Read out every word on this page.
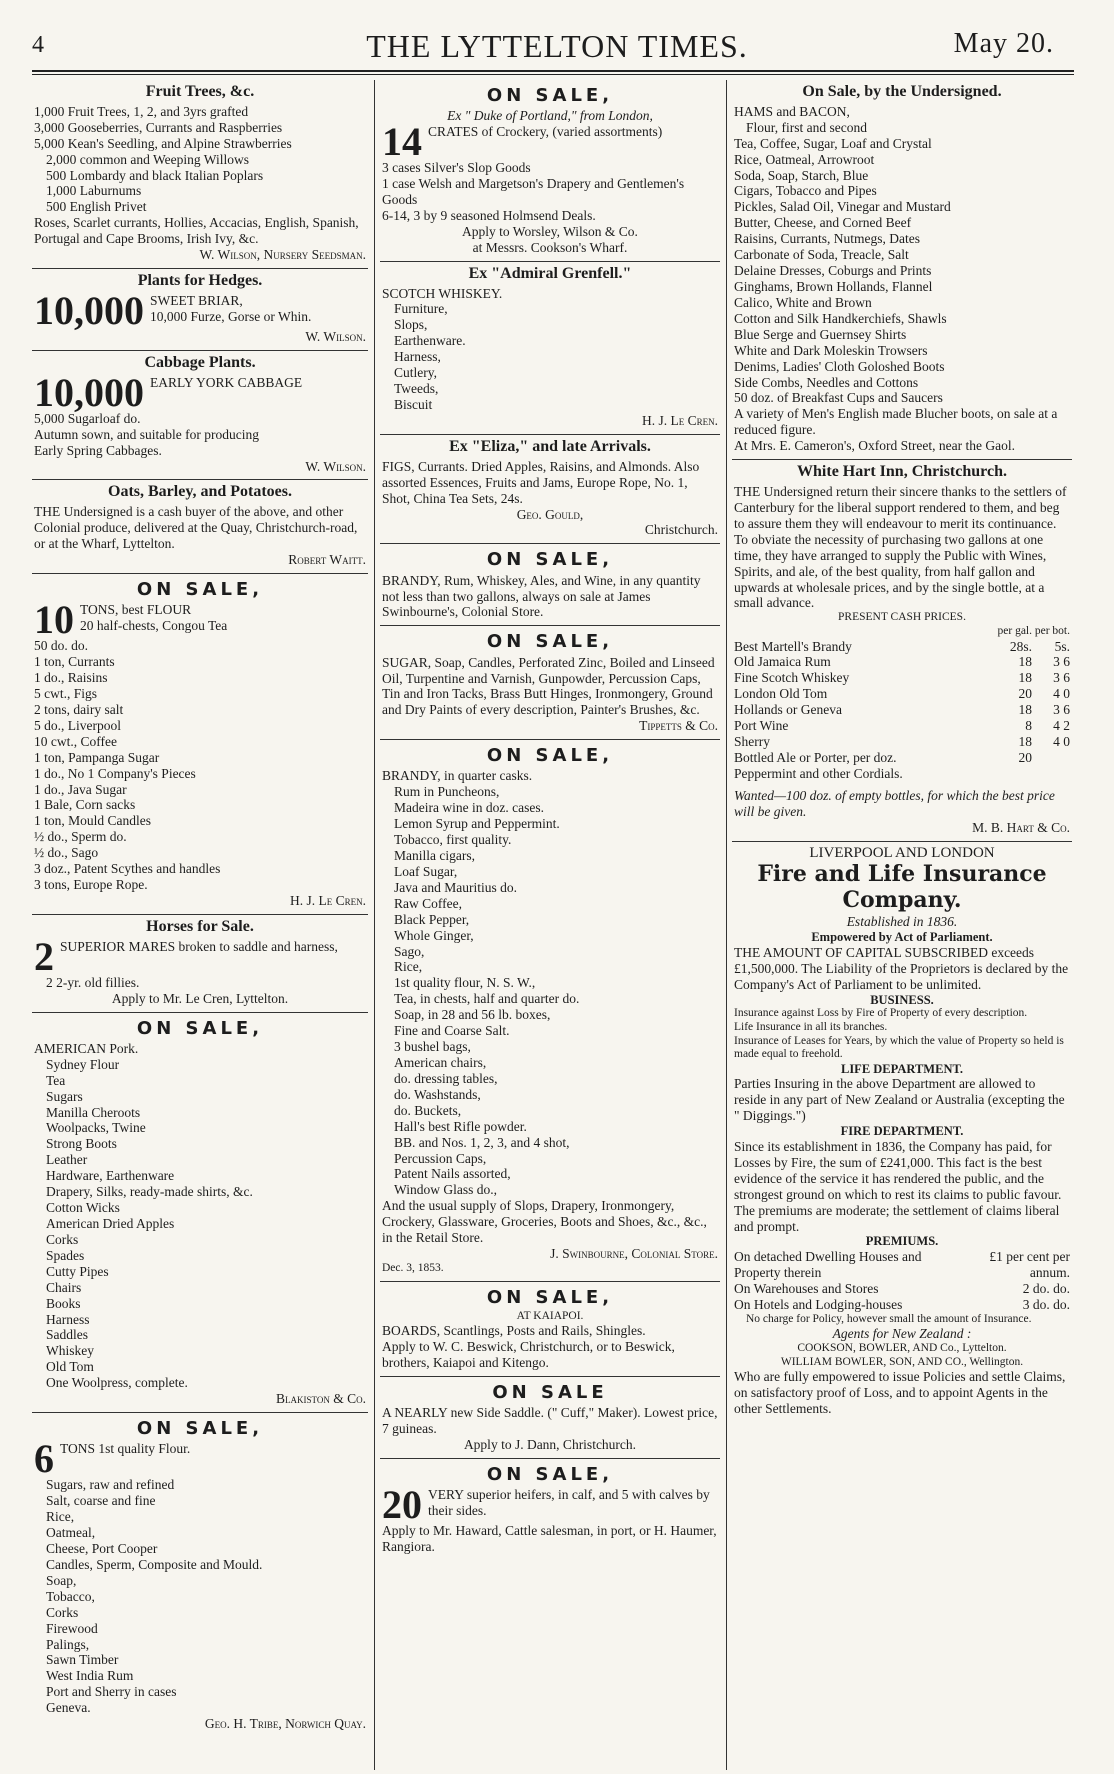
4	THE LYTTELTON TIMES.	May 20.
Fruit Trees, &c.
1,000 Fruit Trees, 1, 2, and 3yrs grafted
3,000 Gooseberries, Currants and Raspberries
5,000 Kean's Seedling, and Alpine Strawberries
2,000 common and Weeping Willows
500 Lombardy and black Italian Poplars
1,000 Laburnums
500 English Privet
Roses, Scarlet currants, Hollies, Accacias, English, Spanish, Portugal and Cape Brooms, Irish Ivy, &c.
W. Wilson, Nursery Seedsman.
Plants for Hedges.
10,000 SWEET BRIAR,
10,000 Furze, Gorse or Whin.
W. Wilson.
Cabbage Plants.
10,000 EARLY YORK CABBAGE
5,000 Sugarloaf do.
Autumn sown, and suitable for producing
Early Spring Cabbages.
W. Wilson.
Oats, Barley, and Potatoes.
THE Undersigned is a cash buyer of the above, and other Colonial produce, delivered at the Quay, Christchurch-road, or at the Wharf, Lyttelton.
Robert Waitt.
ON SALE,
10 TONS, best FLOUR
20 half-chests, Congou Tea
50 do. do.
1 ton, Currants
1 do., Raisins
5 cwt., Figs
2 tons, dairy salt
5 do., Liverpool
10 cwt., Coffee
1 ton, Pampanga Sugar
1 do., No 1 Company's Pieces
1 do., Java Sugar
1 Bale, Corn sacks
1 ton, Mould Candles
½ do., Sperm do.
½ do., Sago
3 doz., Patent Scythes and handles
3 tons, Europe Rope.
H. J. Le Cren.
Horses for Sale.
2 SUPERIOR MARES broken to saddle and harness,
2 2-yr. old fillies.
Apply to Mr. Le Cren, Lyttelton.
ON SALE,
AMERICAN Pork.
Sydney Flour
Tea
Sugars
Manilla Cheroots
Woolpacks, Twine
Strong Boots
Leather
Hardware, Earthenware
Drapery, Silks, ready-made shirts, &c.
Cotton Wicks
American Dried Apples
Corks
Spades
Cutty Pipes
Chairs
Books
Harness
Saddles
Whiskey
Old Tom
One Woolpress, complete.
Blakiston & Co.
ON SALE,
6 TONS 1st quality Flour.
Sugars, raw and refined
Salt, coarse and fine
Rice,
Oatmeal,
Cheese, Port Cooper
Candles, Sperm, Composite and Mould.
Soap,
Tobacco,
Corks
Firewood
Palings,
Sawn Timber
West India Rum
Port and Sherry in cases
Geneva.
Geo. H. Tribe, Norwich Quay.
ON SALE,
Ex " Duke of Portland," from London,
14 CRATES of Crockery, (varied assortments)
3 cases Silver's Slop Goods
1 case Welsh and Margetson's Drapery and Gentlemen's Goods
6-14, 3 by 9 seasoned Holmsend Deals.
Apply to Worsley, Wilson & Co.
at Messrs. Cookson's Wharf.
Ex "Admiral Grenfell."
SCOTCH WHISKEY.
Furniture,
Slops,
Earthenware.
Harness,
Cutlery,
Tweeds,
Biscuit
H. J. Le Cren.
Ex "Eliza," and late Arrivals.
FIGS, Currants. Dried Apples, Raisins, and Almonds. Also assorted Essences, Fruits and Jams, Europe Rope, No. 1, Shot, China Tea Sets, 24s.
Geo. Gould,
Christchurch.
ON SALE,
BRANDY, Rum, Whiskey, Ales, and Wine, in any quantity not less than two gallons, always on sale at James Swinbourne's, Colonial Store.
ON SALE,
SUGAR, Soap, Candles, Perforated Zinc, Boiled and Linseed Oil, Turpentine and Varnish, Gunpowder, Percussion Caps, Tin and Iron Tacks, Brass Butt Hinges, Ironmongery, Ground and Dry Paints of every description, Painter's Brushes, &c.
Tippetts & Co.
ON SALE,
BRANDY, in quarter casks.
Rum in Puncheons,
Madeira wine in doz. cases.
Lemon Syrup and Peppermint.
Tobacco, first quality.
Manilla cigars,
Loaf Sugar,
Java and Mauritius do.
Raw Coffee,
Black Pepper,
Whole Ginger,
Sago,
Rice,
1st quality flour, N. S. W.,
Tea, in chests, half and quarter do.
Soap, in 28 and 56 lb. boxes,
Fine and Coarse Salt.
3 bushel bags,
American chairs,
do. dressing tables,
do. Washstands,
do. Buckets,
Hall's best Rifle powder.
BB. and Nos. 1, 2, 3, and 4 shot,
Percussion Caps,
Patent Nails assorted,
Window Glass do.,
And the usual supply of Slops, Drapery, Ironmongery, Crockery, Glassware, Groceries, Boots and Shoes, &c., &c., in the Retail Store.
J. Swinbourne, Colonial Store.
Dec. 3, 1853.
ON SALE,
AT KAIAPOI.
BOARDS, Scantlings, Posts and Rails, Shingles.
Apply to W. C. Beswick, Christchurch, or to Beswick, brothers, Kaiapoi and Kitengo.
ON SALE
A NEARLY new Side Saddle. (" Cuff," Maker). Lowest price, 7 guineas.
Apply to J. Dann, Christchurch.
ON SALE,
20 VERY superior heifers, in calf, and 5 with calves by their sides.
Apply to Mr. Haward, Cattle salesman, in port, or H. Haumer, Rangiora.
On Sale, by the Undersigned.
HAMS and BACON,
Flour, first and second
Tea, Coffee, Sugar, Loaf and Crystal
Rice, Oatmeal, Arrowroot
Soda, Soap, Starch, Blue
Cigars, Tobacco and Pipes
Pickles, Salad Oil, Vinegar and Mustard
Butter, Cheese, and Corned Beef
Raisins, Currants, Nutmegs, Dates
Carbonate of Soda, Treacle, Salt
Delaine Dresses, Coburgs and Prints
Ginghams, Brown Hollands, Flannel
Calico, White and Brown
Cotton and Silk Handkerchiefs, Shawls
Blue Serge and Guernsey Shirts
White and Dark Moleskin Trowsers
Denims, Ladies' Cloth Goloshed Boots
Side Combs, Needles and Cottons
50 doz. of Breakfast Cups and Saucers
A variety of Men's English made Blucher boots, on sale at a reduced figure.
At Mrs. E. Cameron's, Oxford Street, near the Gaol.
White Hart Inn, Christchurch.
THE Undersigned return their sincere thanks to the settlers of Canterbury for the liberal support rendered to them, and beg to assure them they will endeavour to merit its continuance.
To obviate the necessity of purchasing two gallons at one time, they have arranged to supply the Public with Wines, Spirits, and ale, of the best quality, from half gallon and upwards at wholesale prices, and by the single bottle, at a small advance.
PRESENT CASH PRICES.
	per gal.	per bot.
Best Martell's Brandy	28s.	5s.
Old Jamaica Rum	18	3 6
Fine Scotch Whiskey	18	3 6
London Old Tom	20	4 0
Hollands or Geneva	18	3 6
Port Wine	8	4 2
Sherry	18	4 0
Bottled Ale or Porter, per doz.	20	
Peppermint and other Cordials.		
Wanted—100 doz. of empty bottles, for which the best price will be given.
M. B. Hart & Co.
LIVERPOOL AND LONDON
Fire and Life Insurance Company.
Established in 1836.
Empowered by Act of Parliament.
THE AMOUNT OF CAPITAL SUBSCRIBED exceeds £1,500,000. The Liability of the Proprietors is declared by the Company's Act of Parliament to be unlimited.
BUSINESS.
Insurance against Loss by Fire of Property of every description.
Life Insurance in all its branches.
Insurance of Leases for Years, by which the value of Property so held is made equal to freehold.
LIFE DEPARTMENT.
Parties Insuring in the above Department are allowed to reside in any part of New Zealand or Australia (excepting the " Diggings.")
FIRE DEPARTMENT.
Since its establishment in 1836, the Company has paid, for Losses by Fire, the sum of £241,000. This fact is the best evidence of the service it has rendered the public, and the strongest ground on which to rest its claims to public favour. The premiums are moderate; the settlement of claims liberal and prompt.
PREMIUMS.
On detached Dwelling Houses and Property therein	£1 per cent per annum.
On Warehouses and Stores	2 do. do.
On Hotels and Lodging-houses	3 do. do.
No charge for Policy, however small the amount of Insurance.
Agents for New Zealand :
COOKSON, BOWLER, AND Co., Lyttelton.
WILLIAM BOWLER, SON, AND CO., Wellington.
Who are fully empowered to issue Policies and settle Claims, on satisfactory proof of Loss, and to appoint Agents in the other Settlements.
